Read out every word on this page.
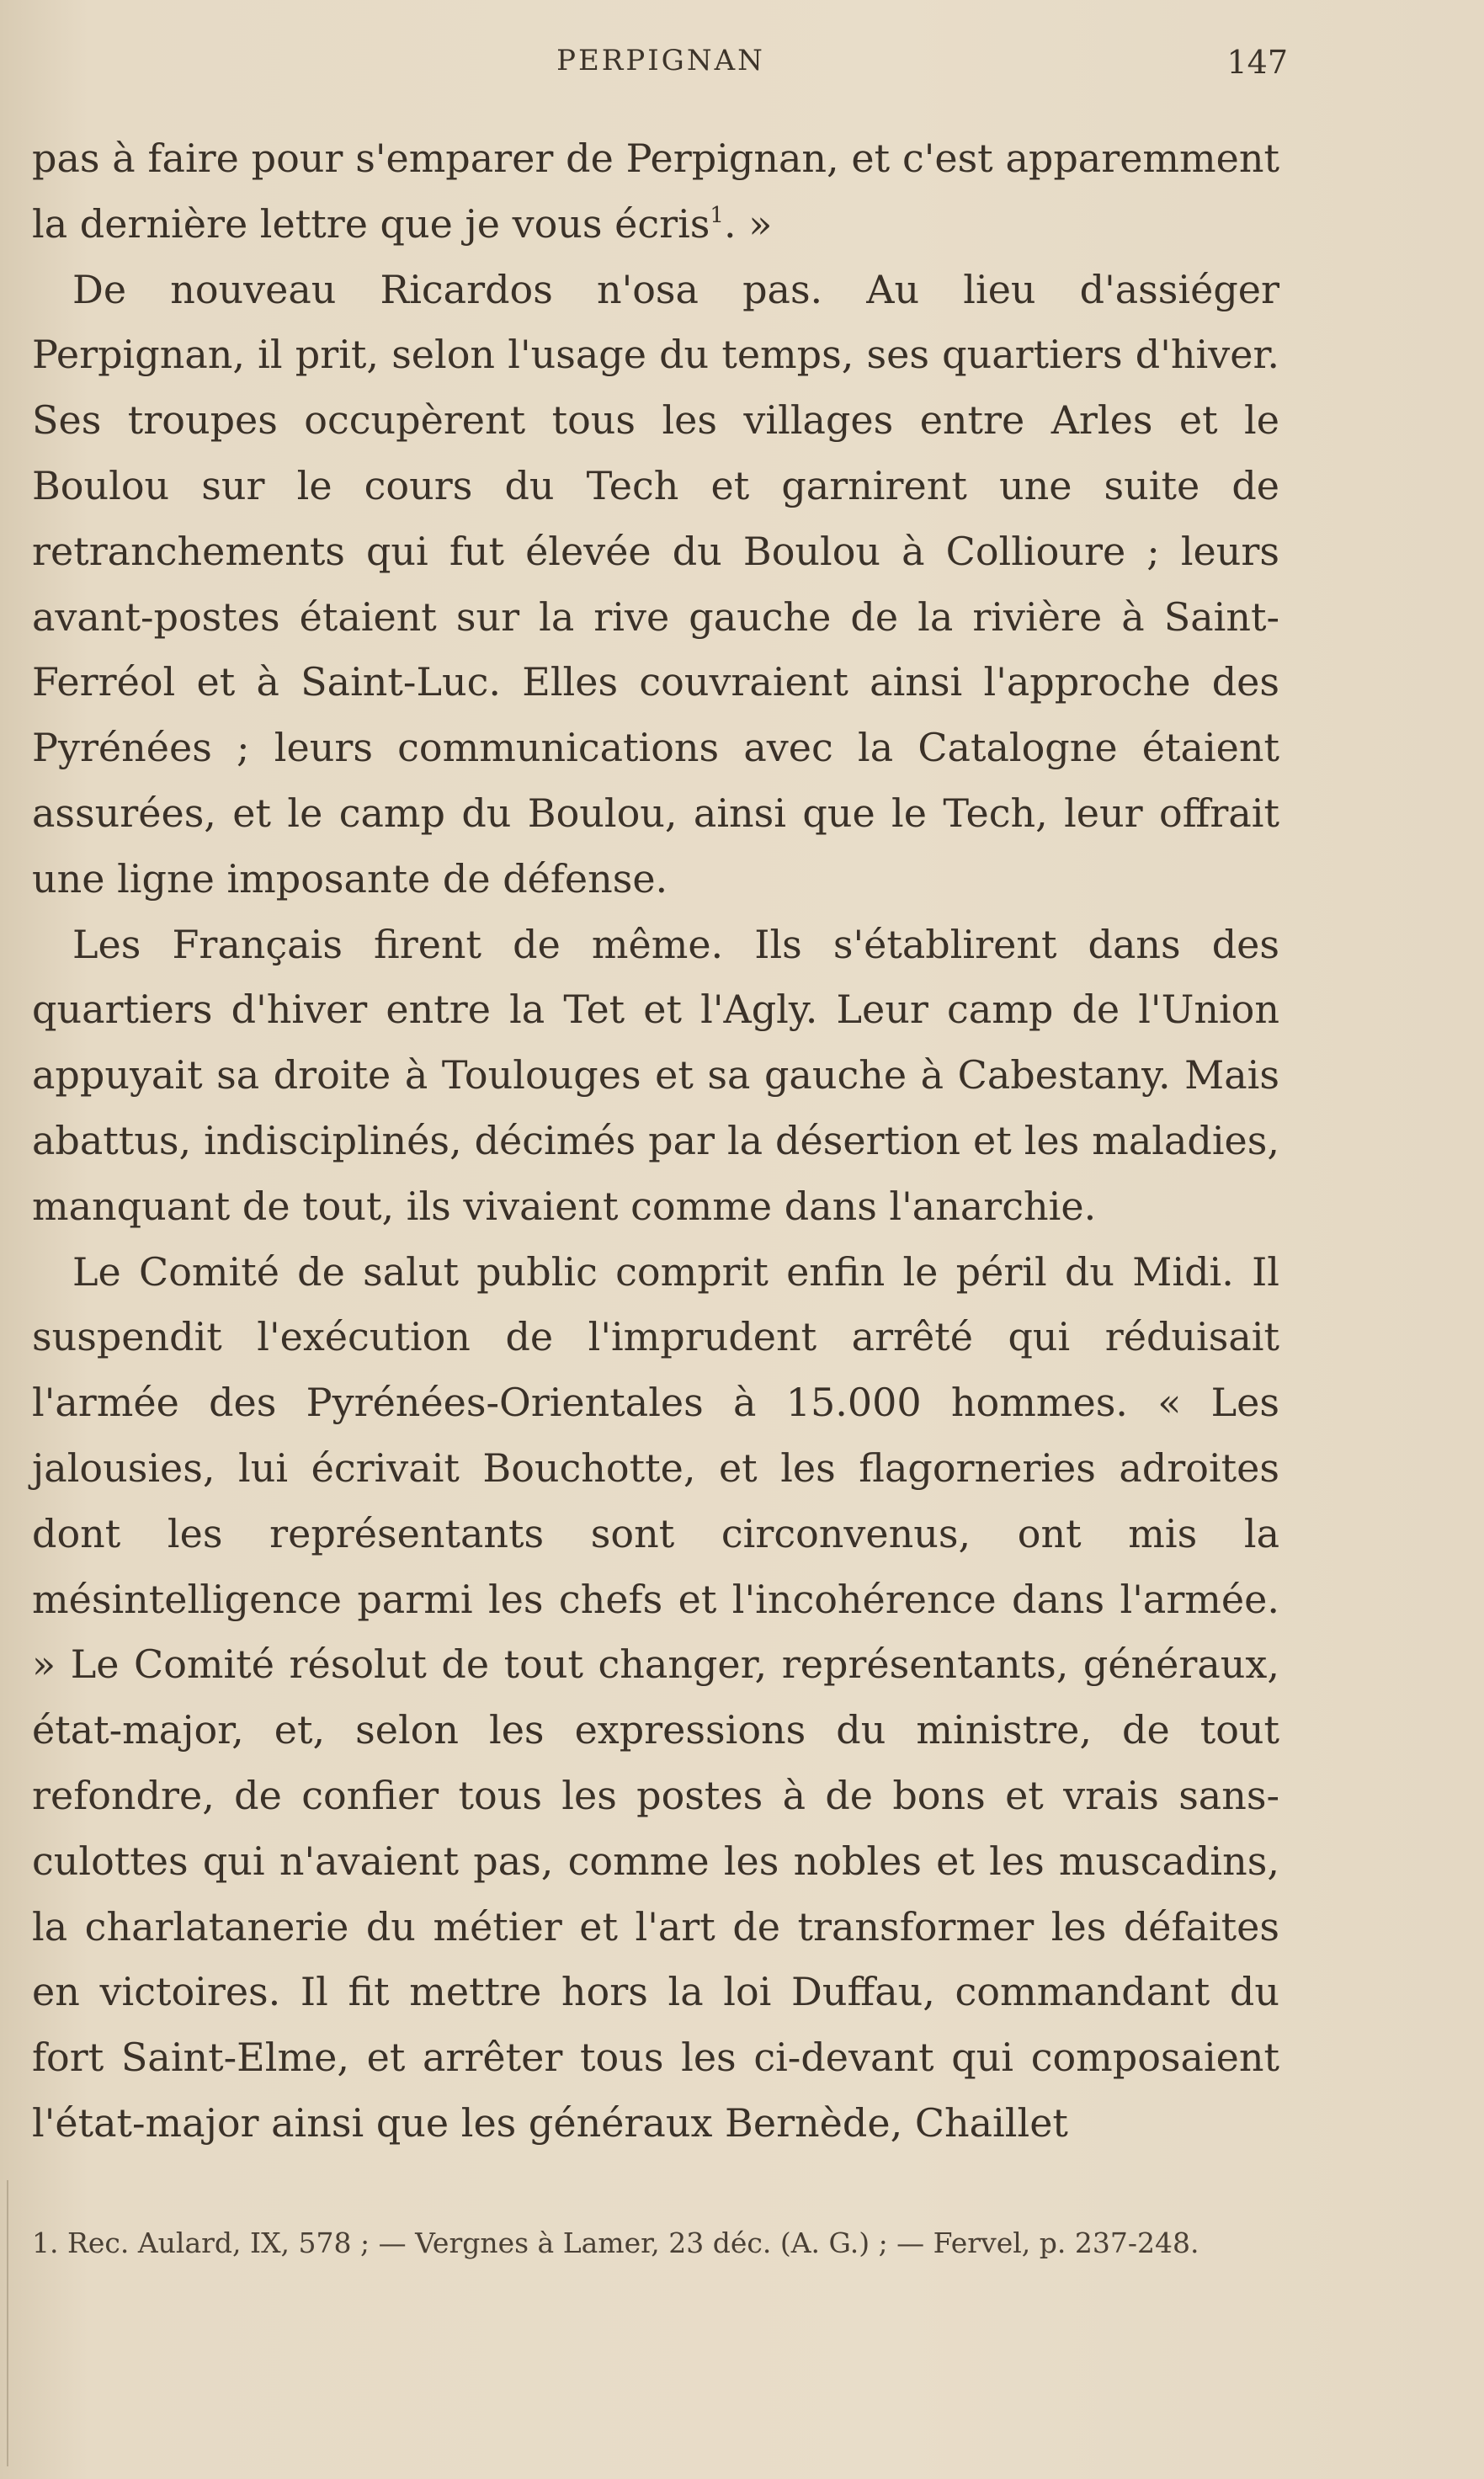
PERPIGNAN	147

pas à faire pour s'emparer de Perpignan, et c'est apparemment la dernière lettre que je vous écris$^1$. »

De nouveau Ricardos n'osa pas. Au lieu d'assiéger Perpignan, il prit, selon l'usage du temps, ses quartiers d'hiver. Ses troupes occupèrent tous les villages entre Arles et le Boulou sur le cours du Tech et garnirent une suite de retranchements qui fut élevée du Boulou à Collioure ; leurs avant-postes étaient sur la rive gauche de la rivière à Saint-Ferréol et à Saint-Luc. Elles couvraient ainsi l'approche des Pyrénées ; leurs communications avec la Catalogne étaient assurées, et le camp du Boulou, ainsi que le Tech, leur offrait une ligne imposante de défense.

Les Français firent de même. Ils s'établirent dans des quartiers d'hiver entre la Tet et l'Agly. Leur camp de l'Union appuyait sa droite à Toulouges et sa gauche à Cabestany. Mais abattus, indisciplinés, décimés par la désertion et les maladies, manquant de tout, ils vivaient comme dans l'anarchie.

Le Comité de salut public comprit enfin le péril du Midi. Il suspendit l'exécution de l'imprudent arrêté qui réduisait l'armée des Pyrénées-Orientales à 15.000 hommes. « Les jalousies, lui écrivait Bouchotte, et les flagorneries adroites dont les représentants sont circonvenus, ont mis la mésintelligence parmi les chefs et l'incohérence dans l'armée. » Le Comité résolut de tout changer, représentants, généraux, état-major, et, selon les expressions du ministre, de tout refondre, de confier tous les postes à de bons et vrais sans-culottes qui n'avaient pas, comme les nobles et les muscadins, la charlatanerie du métier et l'art de transformer les défaites en victoires. Il fit mettre hors la loi Duffau, commandant du fort Saint-Elme, et arrêter tous les ci-devant qui composaient l'état-major ainsi que les généraux Bernède, Chaillet

1. Rec. Aulard, IX, 578 ; — Vergnes à Lamer, 23 déc. (A. G.) ; — Fervel, p. 237-248.
